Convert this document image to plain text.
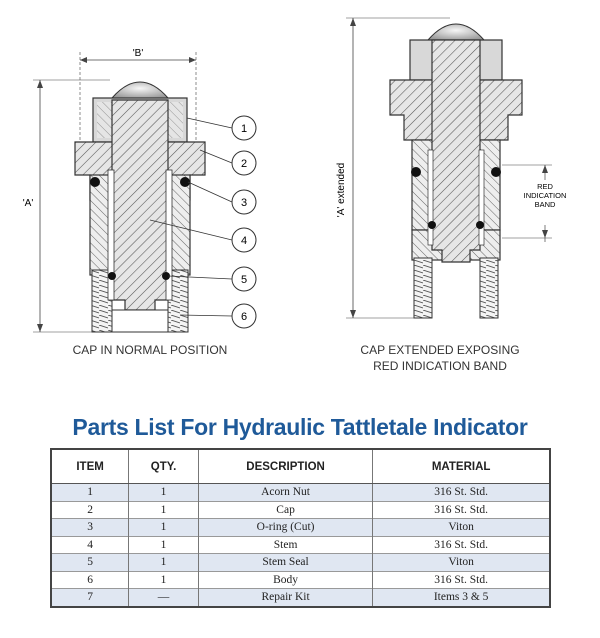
1
2
3
4
5
6
'B'
'A'
RED
INDICATION
BAND
'A' extended
CAP IN NORMAL POSITION	CAP EXTENDED EXPOSING
RED INDICATION BAND
Parts List For Hydraulic Tattletale Indicator
ITEM	QTY.	DESCRIPTION	MATERIAL
1	1	Acorn Nut	316 St. Std.
2	1	Cap	316 St. Std.
3	1	O-ring (Cut)	Viton
4	1	Stem	316 St. Std.
5	1	Stem Seal	Viton
6	1	Body	316 St. Std.
7	—	Repair Kit	Items 3 & 5
